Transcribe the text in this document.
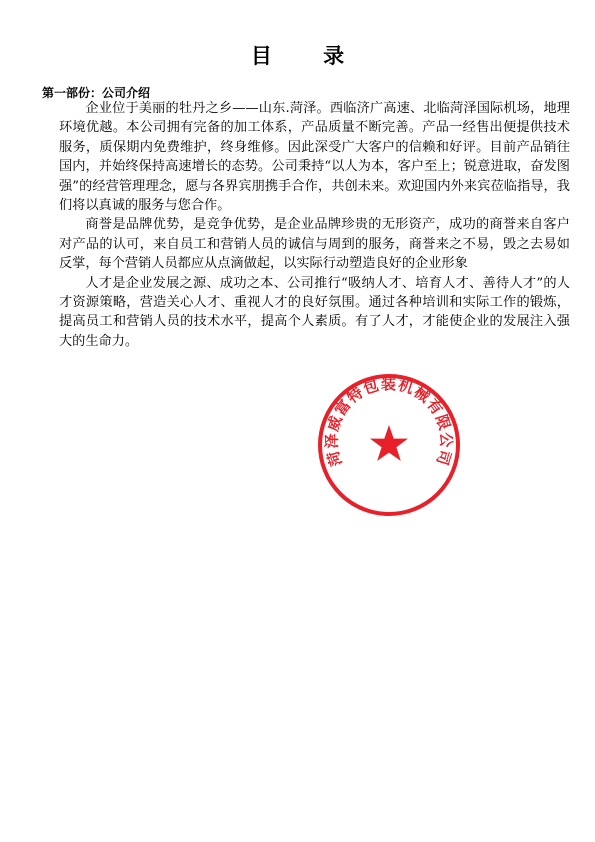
目 录
第一部份：公司介绍

企业位于美丽的牡丹之乡——山东.菏泽。西临济广高速、北临菏泽国际机场，地理环境优越。本公司拥有完备的加工体系，产品质量不断完善。产品一经售出便提供技术服务，质保期内免费维护，终身维修。因此深受广大客户的信赖和好评。目前产品销往国内，并始终保持高速增长的态势。公司秉持“以人为本，客户至上；锐意进取，奋发图强”的经营管理理念，愿与各界宾朋携手合作，共创未来。欢迎国内外来宾莅临指导，我们将以真诚的服务与您合作。

商誉是品牌优势，是竞争优势，是企业品牌珍贵的无形资产，成功的商誉来自客户对产品的认可，来自员工和营销人员的诚信与周到的服务，商誉来之不易，毁之去易如反掌，每个营销人员都应从点滴做起，以实际行动塑造良好的企业形象

人才是企业发展之源、成功之本、公司推行“吸纳人才、培育人才、善待人才”的人才资源策略，营造关心人才、重视人才的良好氛围。通过各种培训和实际工作的锻炼，提高员工和营销人员的技术水平，提高个人素质。有了人才，才能使企业的发展注入强大的生命力。

菏泽威富特包装机械有限公司
